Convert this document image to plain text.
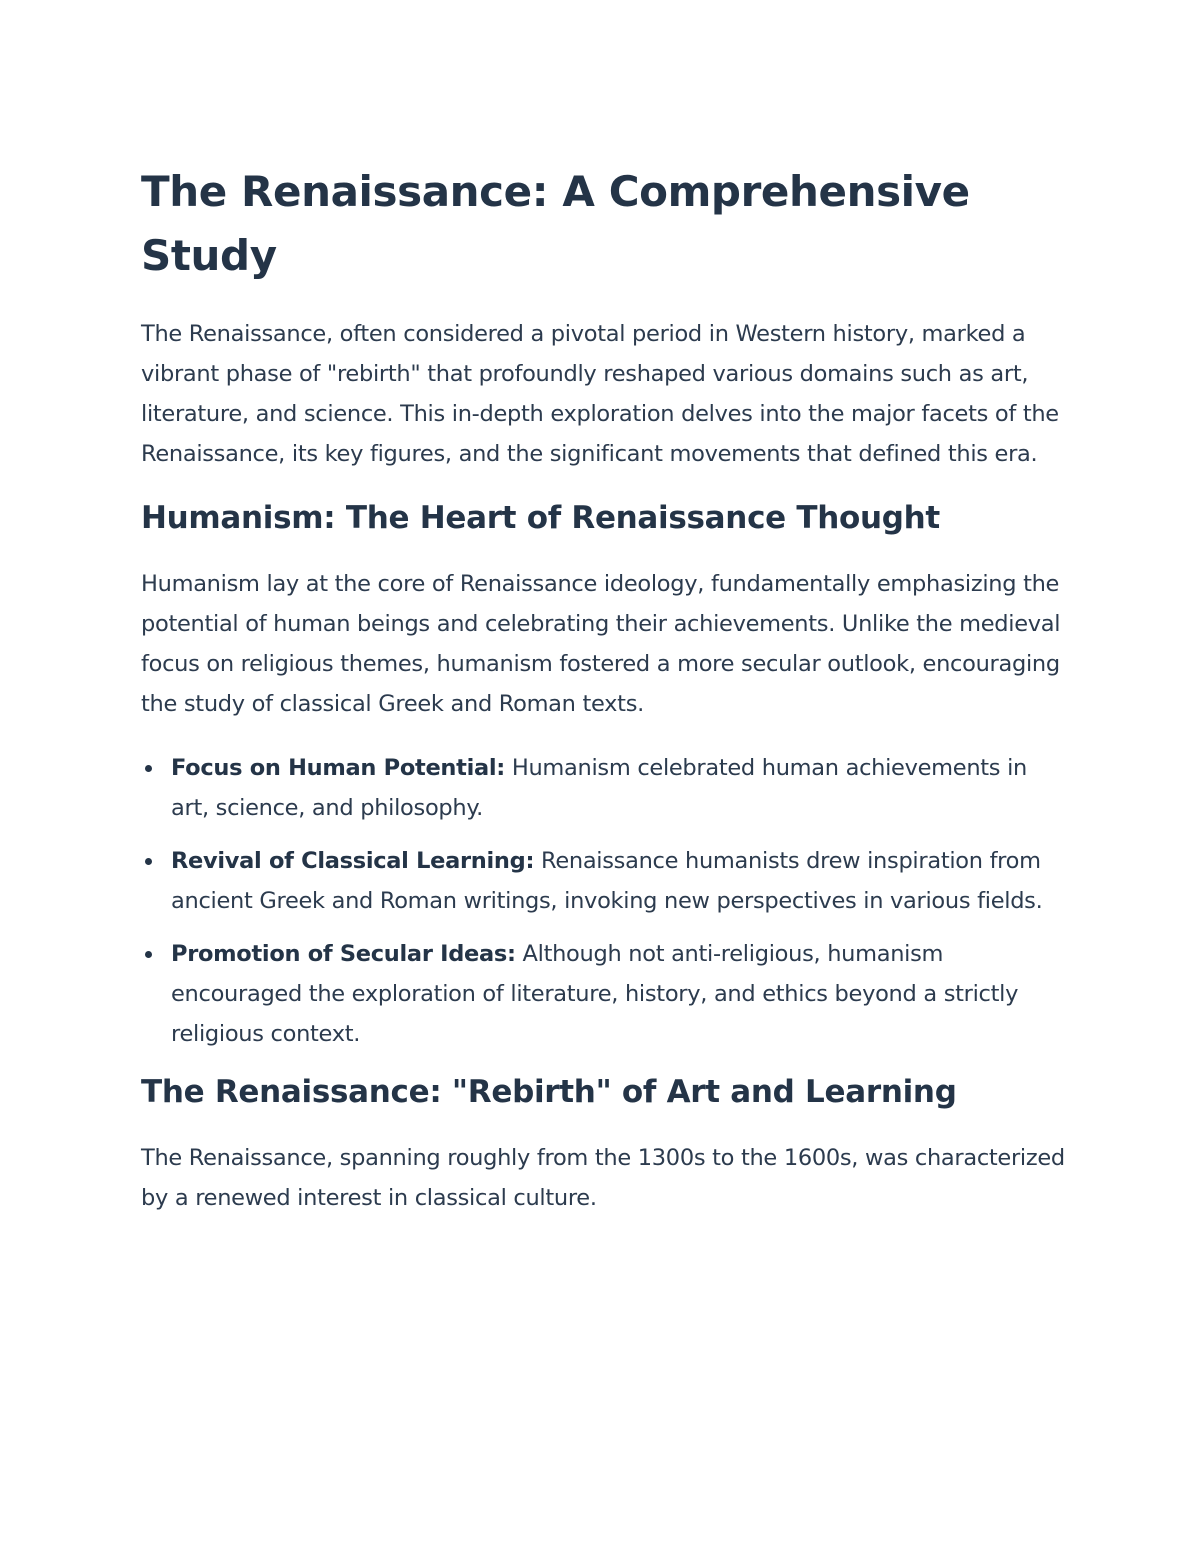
The Renaissance: A Comprehensive Study

The Renaissance, often considered a pivotal period in Western history, marked a vibrant phase of "rebirth" that profoundly reshaped various domains such as art, literature, and science. This in-depth exploration delves into the major facets of the Renaissance, its key figures, and the significant movements that defined this era.

Humanism: The Heart of Renaissance Thought

Humanism lay at the core of Renaissance ideology, fundamentally emphasizing the potential of human beings and celebrating their achievements. Unlike the medieval focus on religious themes, humanism fostered a more secular outlook, encouraging the study of classical Greek and Roman texts.

Focus on Human Potential: Humanism celebrated human achievements in art, science, and philosophy.
Revival of Classical Learning: Renaissance humanists drew inspiration from ancient Greek and Roman writings, invoking new perspectives in various fields.
Promotion of Secular Ideas: Although not anti-religious, humanism encouraged the exploration of literature, history, and ethics beyond a strictly religious context.
The Renaissance: "Rebirth" of Art and Learning

The Renaissance, spanning roughly from the 1300s to the 1600s, was characterized by a renewed interest in classical culture.
